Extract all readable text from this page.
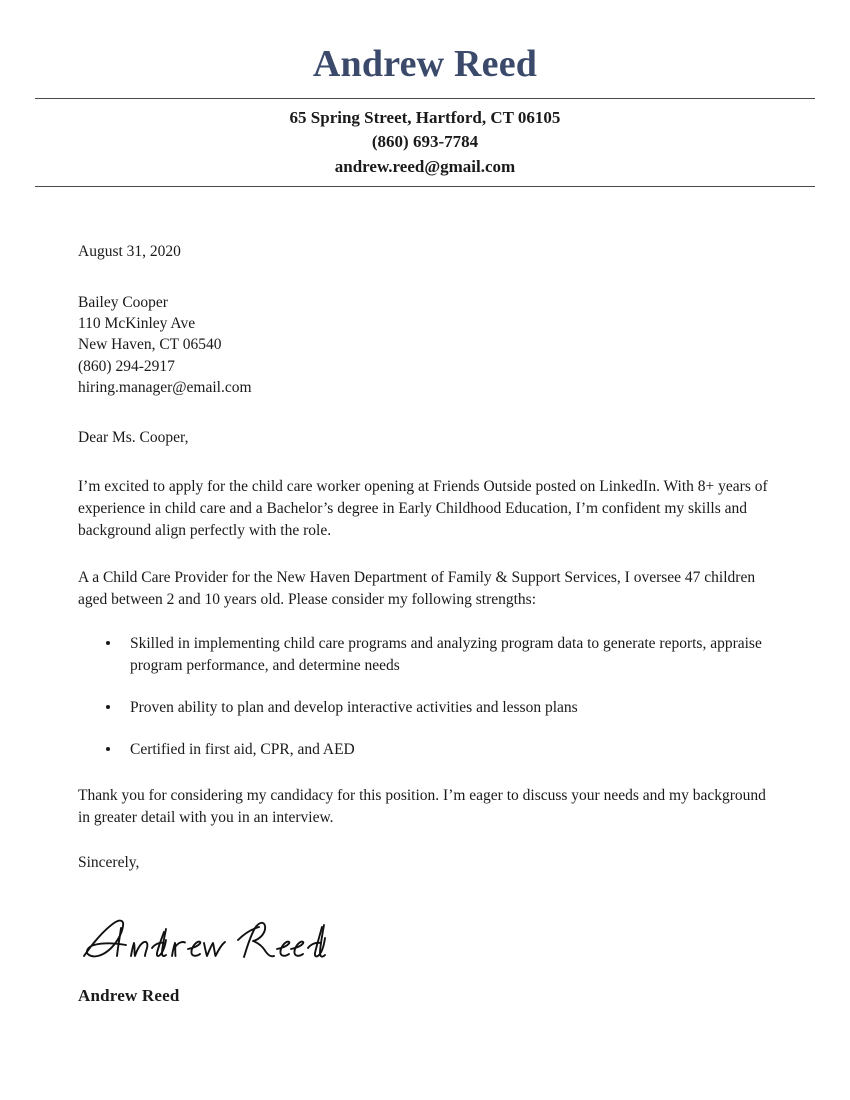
Andrew Reed
65 Spring Street, Hartford, CT 06105
(860) 693-7784
andrew.reed@gmail.com
August 31, 2020
Bailey Cooper
110 McKinley Ave
New Haven, CT 06540
(860) 294-2917
hiring.manager@email.com
Dear Ms. Cooper,

I’m excited to apply for the child care worker opening at Friends Outside posted on LinkedIn. With 8+ years of experience in child care and a Bachelor’s degree in Early Childhood Education, I’m confident my skills and background align perfectly with the role.

A a Child Care Provider for the New Haven Department of Family & Support Services, I oversee 47 children aged between 2 and 10 years old. Please consider my following strengths:

Skilled in implementing child care programs and analyzing program data to generate reports, appraise program performance, and determine needs
Proven ability to plan and develop interactive activities and lesson plans
Certified in first aid, CPR, and AED

Thank you for considering my candidacy for this position. I’m eager to discuss your needs and my background in greater detail with you in an interview.

Sincerely,
Andrew Reed
